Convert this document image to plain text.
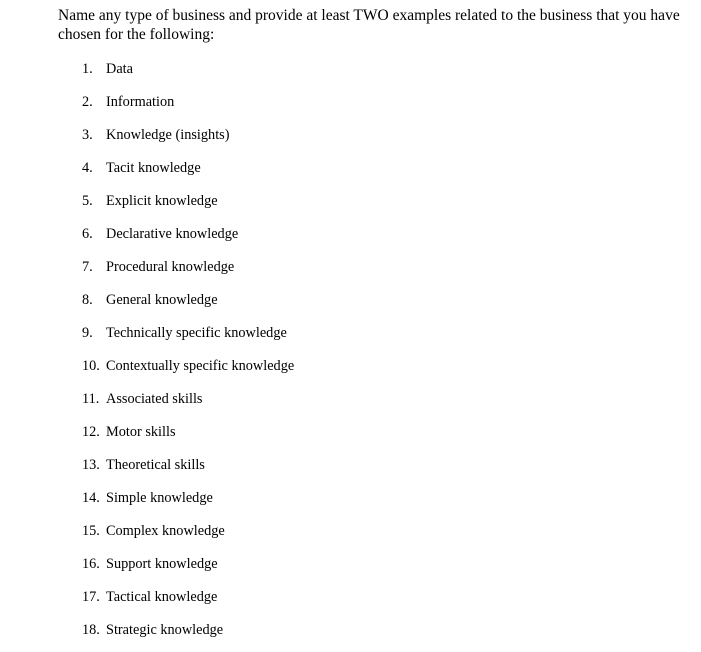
Name any type of business and provide at least TWO examples related to the business that you have chosen for the following:

1. Data
2. Information
3. Knowledge (insights)
4. Tacit knowledge
5. Explicit knowledge
6. Declarative knowledge
7. Procedural knowledge
8. General knowledge
9. Technically specific knowledge
10. Contextually specific knowledge
11. Associated skills
12. Motor skills
13. Theoretical skills
14. Simple knowledge
15. Complex knowledge
16. Support knowledge
17. Tactical knowledge
18. Strategic knowledge
